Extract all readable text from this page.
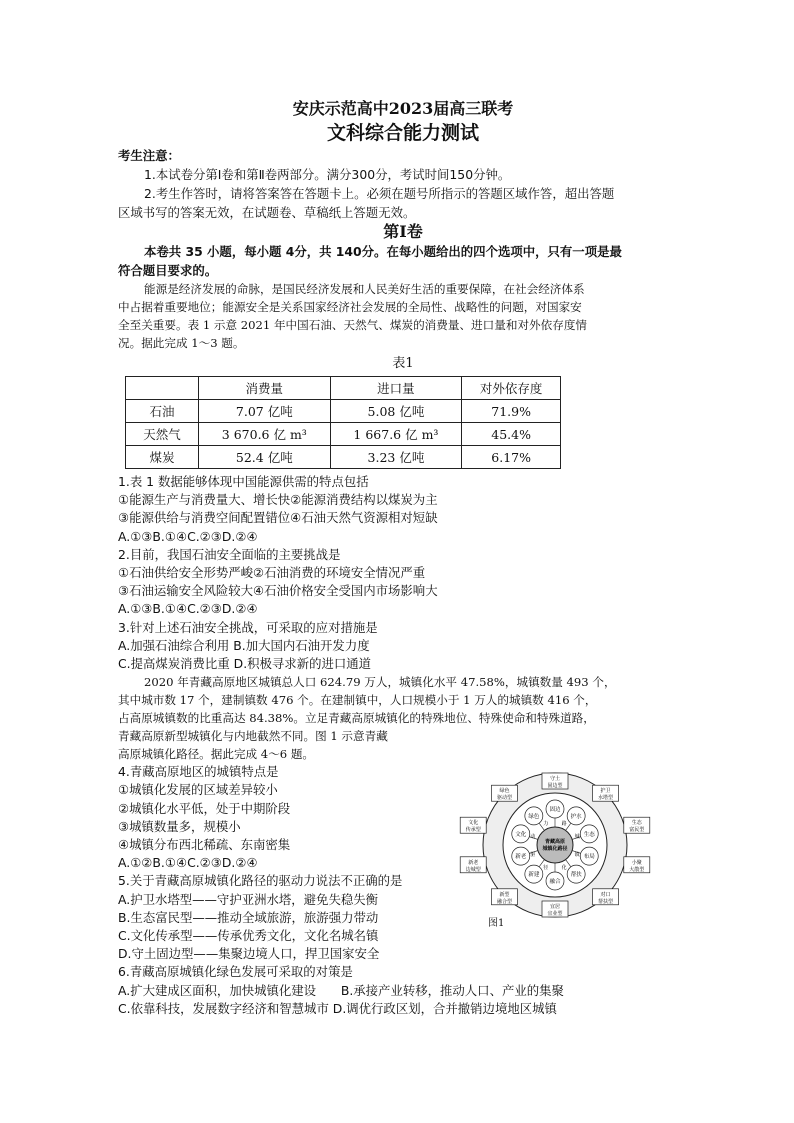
安庆示范高中2023届高三联考
文科综合能力测试
考生注意：
1.本试卷分第Ⅰ卷和第Ⅱ卷两部分。满分300分，考试时间150分钟。
2.考生作答时，请将答案答在答题卡上。必须在题号所指示的答题区域作答，超出答题
区域书写的答案无效，在试题卷、草稿纸上答题无效。
第Ⅰ卷
本卷共 35 小题，每小题 4分，共 140分。在每小题给出的四个选项中，只有一项是最
符合题目要求的。
能源是经济发展的命脉，是国民经济发展和人民美好生活的重要保障，在社会经济体系
中占据着重要地位；能源安全是关系国家经济社会发展的全局性、战略性的问题，对国家安
全至关重要。表 1 示意 2021 年中国石油、天然气、煤炭的消费量、进口量和对外依存度情
况。据此完成 1～3 题。
表1
	消费量	进口量	对外依存度
石油	7.07 亿吨	5.08 亿吨	71.9%
天然气	3 670.6 亿 m³	1 667.6 亿 m³	45.4%
煤炭	52.4 亿吨	3.23 亿吨	6.17%
1.表 1 数据能够体现中国能源供需的特点包括
①能源生产与消费量大、增长快②能源消费结构以煤炭为主
③能源供给与消费空间配置错位④石油天然气资源相对短缺
A.①③B.①④C.②③D.②④
2.目前，我国石油安全面临的主要挑战是
①石油供给安全形势严峻②石油消费的环境安全情况严重
③石油运输安全风险较大④石油价格安全受国内市场影响大
A.①③B.①④C.②③D.②④
3.针对上述石油安全挑战，可采取的应对措施是
A.加强石油综合利用 B.加大国内石油开发力度
C.提高煤炭消费比重 D.积极寻求新的进口通道
2020 年青藏高原地区城镇总人口 624.79 万人，城镇化水平 47.58%，城镇数量 493 个，
其中城市数 17 个，建制镇数 476 个。在建制镇中，人口规模小于 1 万人的城镇数 416 个，
占高原城镇数的比重高达 84.38%。立足青藏高原城镇化的特殊地位、特殊使命和特殊道路，
青藏高原新型城镇化与内地截然不同。图 1 示意青藏
高原城镇化路径。据此完成 4～6 题。
4.青藏高原地区的城镇特点是
①城镇化发展的区域差异较小
②城镇化水平低，处于中期阶段
③城镇数量多，规模小
④城镇分布西北稀疏、东南密集
A.①②B.①④C.②③D.②④
5.关于青藏高原城镇化路径的驱动力说法不正确的是
A.护卫水塔型——守护亚洲水塔，避免失稳失衡
B.生态富民型——推动全域旅游，旅游强力带动
C.文化传承型——传承优秀文化，文化名城名镇
D.守土固边型——集聚边境人口，捍卫国家安全
6.青藏高原城镇化绿色发展可采取的对策是
A.扩大建成区面积，加快城镇化建设　　B.承接产业转移，推动人口、产业的集聚
C.依靠科技，发展数字经济和智慧城市 D.调优行政区划，合并撤销边境地区城镇
守土
固边型
护卫
水塔型
生态
富民型
小聚
大散型
对口
帮扶型
宜居
宜业型
新型
融合型
新老
边城型
文化
传承型
绿色
驱动型
固边
护水
生态
布局
帮扶
融合
新建
新老
文化
绿色
路
城
镇
化
径
驱
动
力
青藏高原
城镇化路径
图1
